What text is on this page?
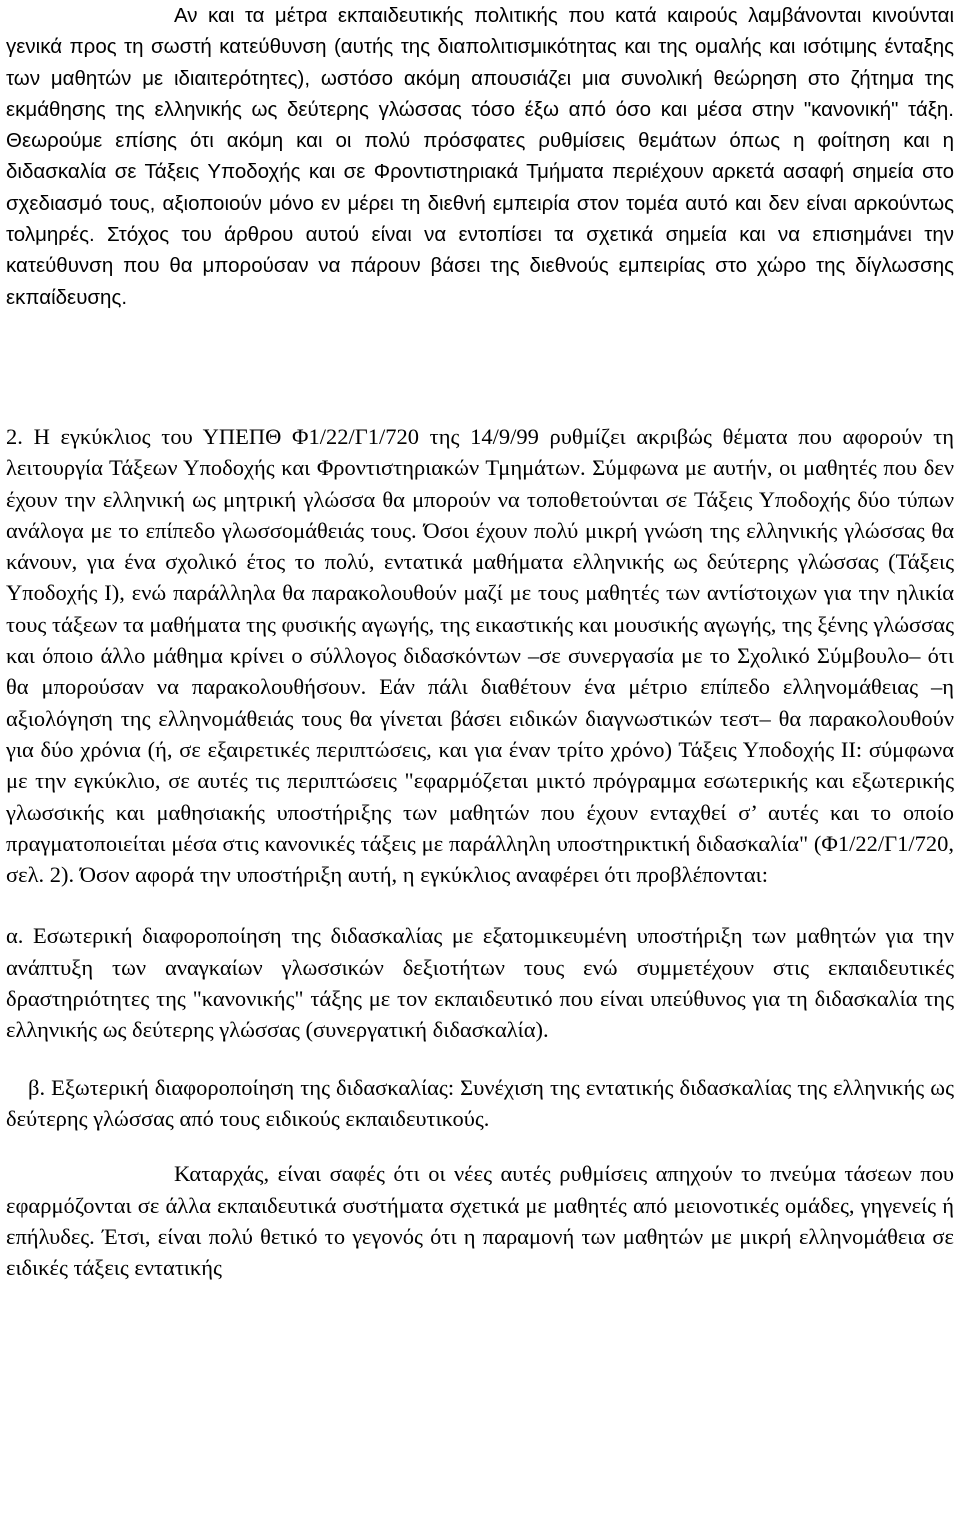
Αν και τα μέτρα εκπαιδευτικής πολιτικής που κατά καιρούς λαμβάνονται κινούνται γενικά προς τη σωστή κατεύθυνση (αυτής της διαπολιτισμικότητας και της ομαλής και ισότιμης ένταξης των μαθητών με ιδιαιτερότητες), ωστόσο ακόμη απουσιάζει μια συνολική θεώρηση στο ζήτημα της εκμάθησης της ελληνικής ως δεύτερης γλώσσας τόσο έξω από όσο και μέσα στην "κανονική" τάξη. Θεωρούμε επίσης ότι ακόμη και οι πολύ πρόσφατες ρυθμίσεις θεμάτων όπως η φοίτηση και η διδασκαλία σε Τάξεις Υποδοχής και σε Φροντιστηριακά Τμήματα περιέχουν αρκετά ασαφή σημεία στο σχεδιασμό τους, αξιοποιούν μόνο εν μέρει τη διεθνή εμπειρία στον τομέα αυτό και δεν είναι αρκούντως τολμηρές. Στόχος του άρθρου αυτού είναι να εντοπίσει τα σχετικά σημεία και να επισημάνει την κατεύθυνση που θα μπορούσαν να πάρουν βάσει της διεθνούς εμπειρίας στο χώρο της δίγλωσσης εκπαίδευσης.

2. Η εγκύκλιος του ΥΠΕΠΘ Φ1/22/Γ1/720 της 14/9/99 ρυθμίζει ακριβώς θέματα που αφορούν τη λειτουργία Τάξεων Υποδοχής και Φροντιστηριακών Τμημάτων. Σύμφωνα με αυτήν, οι μαθητές που δεν έχουν την ελληνική ως μητρική γλώσσα θα μπορούν να τοποθετούνται σε Τάξεις Υποδοχής δύο τύπων ανάλογα με το επίπεδο γλωσσομάθειάς τους. Όσοι έχουν πολύ μικρή γνώση της ελληνικής γλώσσας θα κάνουν, για ένα σχολικό έτος το πολύ, εντατικά μαθήματα ελληνικής ως δεύτερης γλώσσας (Τάξεις Υποδοχής Ι), ενώ παράλληλα θα παρακολουθούν μαζί με τους μαθητές των αντίστοιχων για την ηλικία τους τάξεων τα μαθήματα της φυσικής αγωγής, της εικαστικής και μουσικής αγωγής, της ξένης γλώσσας και όποιο άλλο μάθημα κρίνει ο σύλλογος διδασκόντων –σε συνεργασία με το Σχολικό Σύμβουλο– ότι θα μπορούσαν να παρακολουθήσουν. Εάν πάλι διαθέτουν ένα μέτριο επίπεδο ελληνομάθειας –η αξιολόγηση της ελληνομάθειάς τους θα γίνεται βάσει ειδικών διαγνωστικών τεστ– θα παρακολουθούν για δύο χρόνια (ή, σε εξαιρετικές περιπτώσεις, και για έναν τρίτο χρόνο) Τάξεις Υποδοχής ΙΙ: σύμφωνα με την εγκύκλιο, σε αυτές τις περιπτώσεις "εφαρμόζεται μικτό πρόγραμμα εσωτερικής και εξωτερικής γλωσσικής και μαθησιακής υποστήριξης των μαθητών που έχουν ενταχθεί σ’ αυτές και το οποίο πραγματοποιείται μέσα στις κανονικές τάξεις με παράλληλη υποστηρικτική διδασκαλία" (Φ1/22/Γ1/720, σελ. 2). Όσον αφορά την υποστήριξη αυτή, η εγκύκλιος αναφέρει ότι προβλέπονται:

α. Εσωτερική διαφοροποίηση της διδασκαλίας με εξατομικευμένη υποστήριξη των μαθητών για την ανάπτυξη των αναγκαίων γλωσσικών δεξιοτήτων τους ενώ συμμετέχουν στις εκπαιδευτικές δραστηριότητες της "κανονικής" τάξης με τον εκπαιδευτικό που είναι υπεύθυνος για τη διδασκαλία της ελληνικής ως δεύτερης γλώσσας (συνεργατική διδασκαλία).

β. Εξωτερική διαφοροποίηση της διδασκαλίας: Συνέχιση της εντατικής διδασκαλίας της ελληνικής ως δεύτερης γλώσσας από τους ειδικούς εκπαιδευτικούς.

Καταρχάς, είναι σαφές ότι οι νέες αυτές ρυθμίσεις απηχούν το πνεύμα τάσεων που εφαρμόζονται σε άλλα εκπαιδευτικά συστήματα σχετικά με μαθητές από μειονοτικές ομάδες, γηγενείς ή επήλυδες. Έτσι, είναι πολύ θετικό το γεγονός ότι η παραμονή των μαθητών με μικρή ελληνομάθεια σε ειδικές τάξεις εντατικής
